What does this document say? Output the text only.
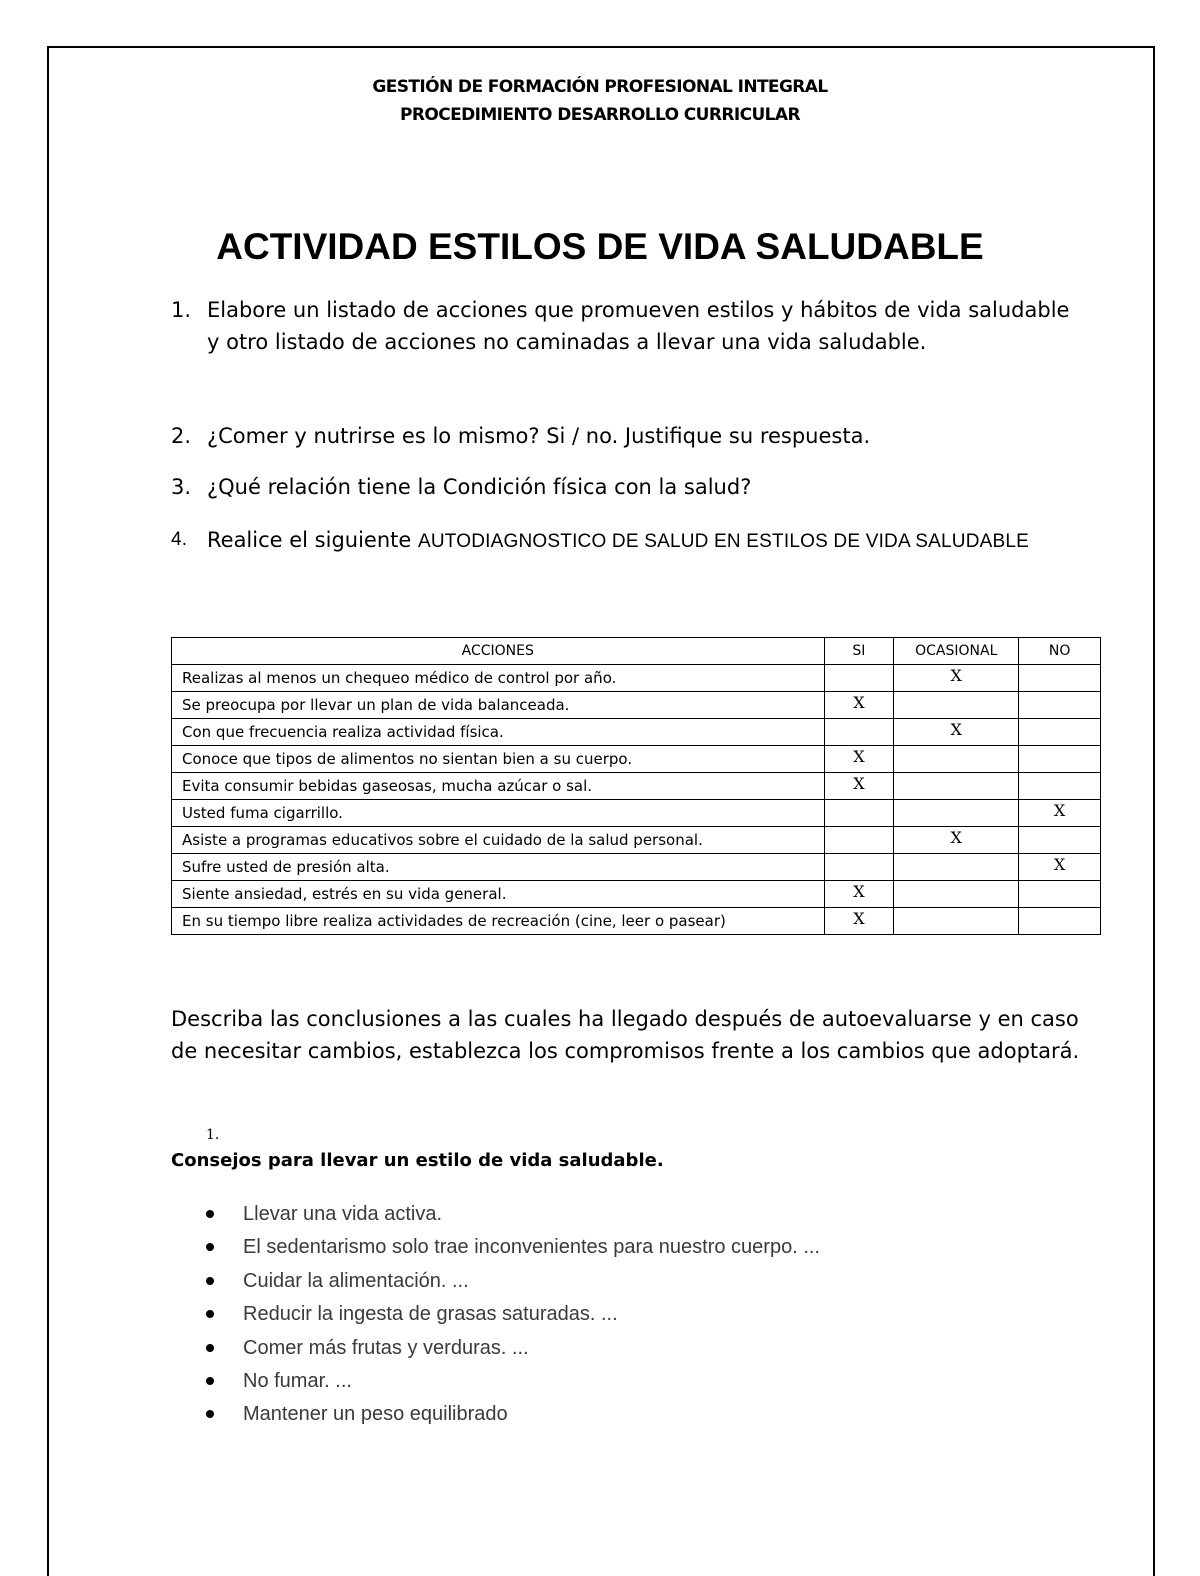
GESTIÓN DE FORMACIÓN PROFESIONAL INTEGRAL
PROCEDIMIENTO DESARROLLO CURRICULAR
ACTIVIDAD ESTILOS DE VIDA SALUDABLE
1. Elabore un listado de acciones que promueven estilos y hábitos de vida saludable y otro listado de acciones no caminadas a llevar una vida saludable.
2. ¿Comer y nutrirse es lo mismo? Si / no. Justifique su respuesta.
3. ¿Qué relación tiene la Condición física con la salud?
4. Realice el siguiente AUTODIAGNOSTICO DE SALUD EN ESTILOS DE VIDA SALUDABLE
ACCIONES	SI	OCASIONAL	NO
Realizas al menos un chequeo médico de control por año.		X	
Se preocupa por llevar un plan de vida balanceada.	X		
Con que frecuencia realiza actividad física.		X	
Conoce que tipos de alimentos no sientan bien a su cuerpo.	X		
Evita consumir bebidas gaseosas, mucha azúcar o sal.	X		
Usted fuma cigarrillo.			X
Asiste a programas educativos sobre el cuidado de la salud personal.		X	
Sufre usted de presión alta.			X
Siente ansiedad, estrés en su vida general.	X		
En su tiempo libre realiza actividades de recreación (cine, leer o pasear)	X		
Describa las conclusiones a las cuales ha llegado después de autoevaluarse y en caso de necesitar cambios, establezca los compromisos frente a los cambios que adoptará.
1.
Consejos para llevar un estilo de vida saludable.
Llevar una vida activa.
El sedentarismo solo trae inconvenientes para nuestro cuerpo. ...
Cuidar la alimentación. ...
Reducir la ingesta de grasas saturadas. ...
Comer más frutas y verduras. ...
No fumar. ...
Mantener un peso equilibrado
